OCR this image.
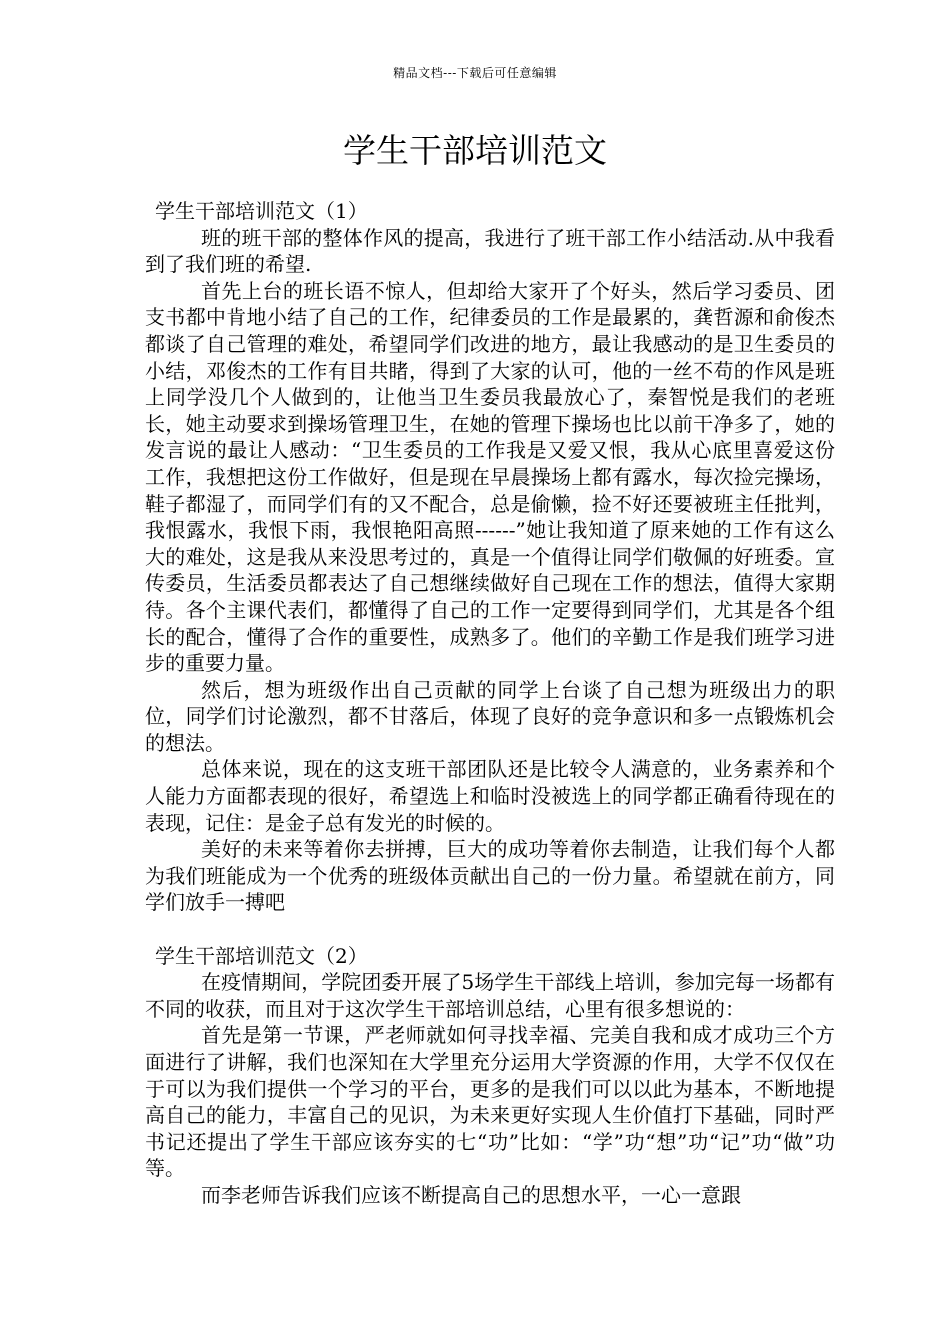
精品文档---下载后可任意编辑
学生干部培训范文
学生干部培训范文（1）

班的班干部的整体作风的提高，我进行了班干部工作小结活动.从中我看到了我们班的希望.

首先上台的班长语不惊人，但却给大家开了个好头，然后学习委员、团支书都中肯地小结了自己的工作，纪律委员的工作是最累的，龚哲源和俞俊杰都谈了自己管理的难处，希望同学们改进的地方，最让我感动的是卫生委员的小结，邓俊杰的工作有目共睹，得到了大家的认可，他的一丝不苟的作风是班上同学没几个人做到的，让他当卫生委员我最放心了，秦智悦是我们的老班长，她主动要求到操场管理卫生，在她的管理下操场也比以前干净多了，她的发言说的最让人感动：“卫生委员的工作我是又爱又恨，我从心底里喜爱这份工作，我想把这份工作做好，但是现在早晨操场上都有露水，每次捡完操场，鞋子都湿了，而同学们有的又不配合，总是偷懒，捡不好还要被班主任批判，我恨露水，我恨下雨，我恨艳阳高照------”她让我知道了原来她的工作有这么大的难处，这是我从来没思考过的，真是一个值得让同学们敬佩的好班委。宣传委员，生活委员都表达了自己想继续做好自己现在工作的想法，值得大家期待。各个主课代表们，都懂得了自己的工作一定要得到同学们，尤其是各个组长的配合，懂得了合作的重要性，成熟多了。他们的辛勤工作是我们班学习进步的重要力量。

然后，想为班级作出自己贡献的同学上台谈了自己想为班级出力的职位，同学们讨论激烈，都不甘落后，体现了良好的竞争意识和多一点锻炼机会的想法。

总体来说，现在的这支班干部团队还是比较令人满意的，业务素养和个人能力方面都表现的很好，希望选上和临时没被选上的同学都正确看待现在的表现，记住：是金子总有发光的时候的。

美好的未来等着你去拼搏，巨大的成功等着你去制造，让我们每个人都为我们班能成为一个优秀的班级体贡献出自己的一份力量。希望就在前方，同学们放手一搏吧

学生干部培训范文（2）

在疫情期间，学院团委开展了5场学生干部线上培训，参加完每一场都有不同的收获，而且对于这次学生干部培训总结，心里有很多想说的：

首先是第一节课，严老师就如何寻找幸福、完美自我和成才成功三个方面进行了讲解，我们也深知在大学里充分运用大学资源的作用，大学不仅仅在于可以为我们提供一个学习的平台，更多的是我们可以以此为基本，不断地提高自己的能力，丰富自己的见识，为未来更好实现人生价值打下基础，同时严书记还提出了学生干部应该夯实的七“功”比如：“学”功“想”功“记”功“做”功等。

而李老师告诉我们应该不断提高自己的思想水平，一心一意跟
